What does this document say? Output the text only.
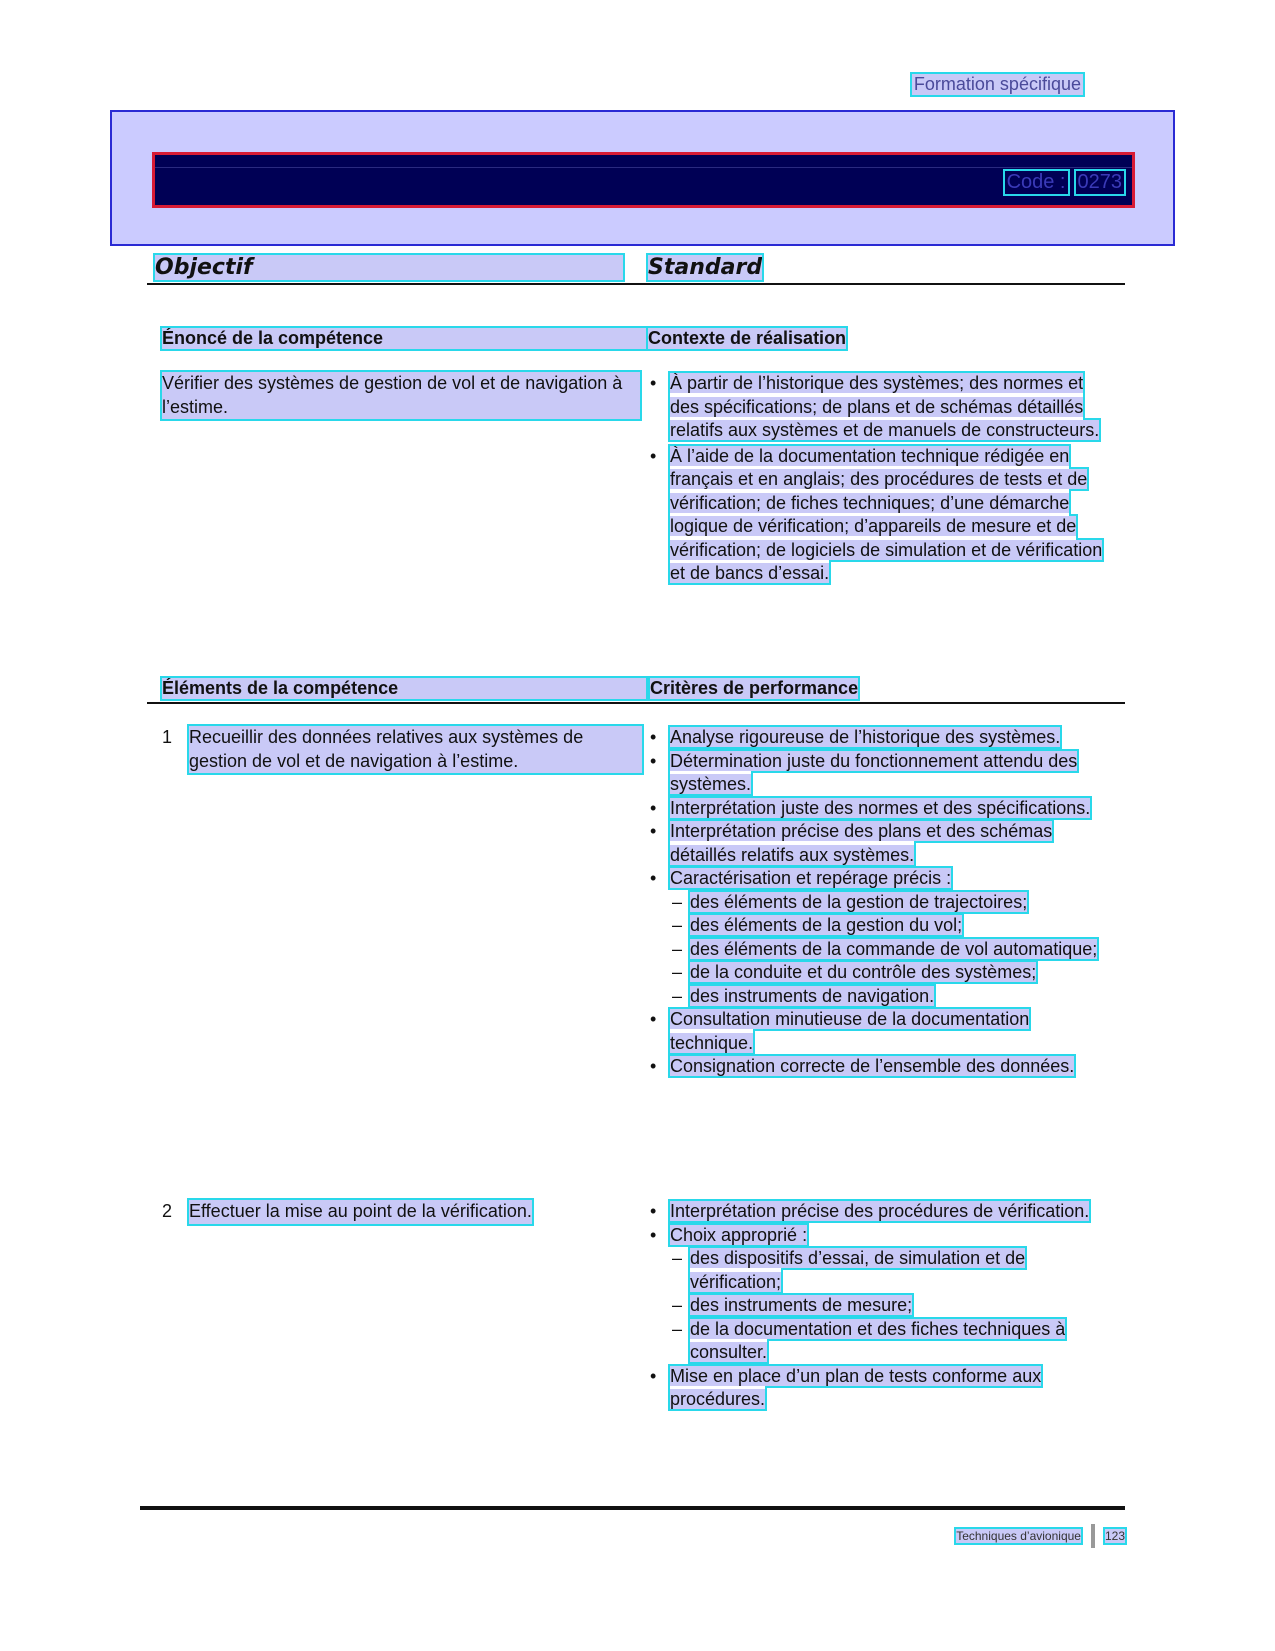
Formation spécifique
Code : 0273
Objectif	Standard
Énoncé de la compétence	Contexte de réalisation
Vérifier des systèmes de gestion de vol et de navigation à l’estime.
• À partir de l’historique des systèmes; des normes et des spécifications; de plans et de schémas détaillés relatifs aux systèmes et de manuels de constructeurs.
• À l’aide de la documentation technique rédigée en français et en anglais; des procédures de tests et de vérification; de fiches techniques; d’une démarche logique de vérification; d’appareils de mesure et de vérification; de logiciels de simulation et de vérification et de bancs d’essai.
Éléments de la compétence	Critères de performance
1 Recueillir des données relatives aux systèmes de gestion de vol et de navigation à l’estime.
• Analyse rigoureuse de l’historique des systèmes.
• Détermination juste du fonctionnement attendu des systèmes.
• Interprétation juste des normes et des spécifications.
• Interprétation précise des plans et des schémas détaillés relatifs aux systèmes.
• Caractérisation et repérage précis :
– des éléments de la gestion de trajectoires;
– des éléments de la gestion du vol;
– des éléments de la commande de vol automatique;
– de la conduite et du contrôle des systèmes;
– des instruments de navigation.
• Consultation minutieuse de la documentation technique.
• Consignation correcte de l’ensemble des données.
2 Effectuer la mise au point de la vérification.
•	Interprétation précise des procédures de vérification.
• Choix approprié :
– des dispositifs d’essai, de simulation et de vérification;
– des instruments de mesure;
– de la documentation et des fiches techniques à consulter.
• Mise en place d’un plan de tests conforme aux procédures.
Techniques d’avionique 123
